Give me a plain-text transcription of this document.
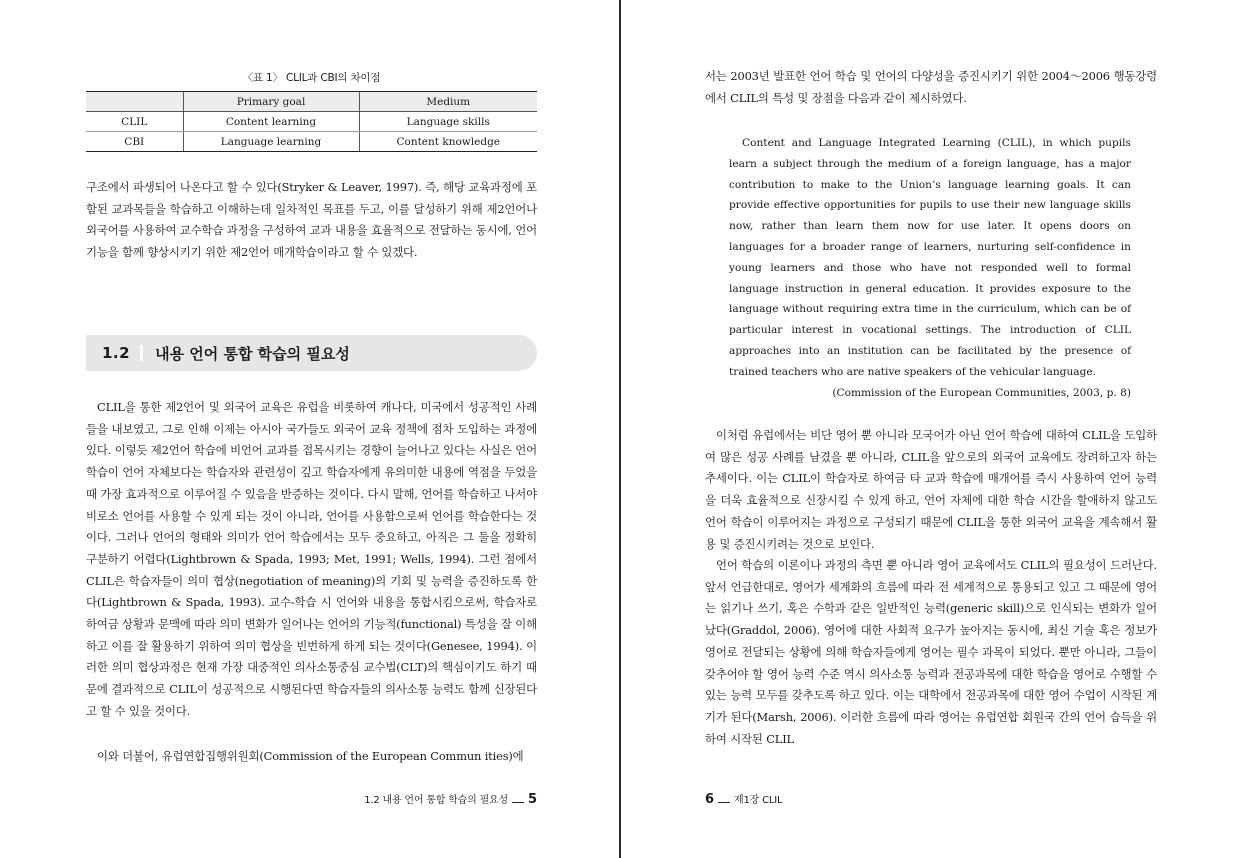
〈표 1〉 CLIL과 CBI의 차이점
	Primary goal	Medium
CLIL	Content learning	Language skills
CBI	Language learning	Content knowledge

구조에서 파생되어 나온다고 할 수 있다(Stryker & Leaver, 1997). 즉, 해당 교육과정에 포함된 교과목들을 학습하고 이해하는데 일차적인 목표를 두고, 이를 달성하기 위해 제2언어나 외국어를 사용하여 교수학습 과정을 구성하여 교과 내용을 효율적으로 전달하는 동시에, 언어 기능을 함께 향상시키기 위한 제2언어 매개학습이라고 할 수 있겠다.

1.2 내용 언어 통합 학습의 필요성

CLIL을 통한 제2언어 및 외국어 교육은 유럽을 비롯하여 캐나다, 미국에서 성공적인 사례들을 내보였고, 그로 인해 이제는 아시아 국가들도 외국어 교육 정책에 점차 도입하는 과정에 있다. 이렇듯 제2언어 학습에 비언어 교과를 접목시키는 경향이 늘어나고 있다는 사실은 언어 학습이 언어 자체보다는 학습자와 관련성이 깊고 학습자에게 유의미한 내용에 역점을 두었을 때 가장 효과적으로 이루어질 수 있음을 반증하는 것이다. 다시 말해, 언어를 학습하고 나서야 비로소 언어를 사용할 수 있게 되는 것이 아니라, 언어를 사용함으로써 언어를 학습한다는 것이다. 그러나 언어의 형태와 의미가 언어 학습에서는 모두 중요하고, 아직은 그 둘을 정확히 구분하기 어렵다(Lightbrown & Spada, 1993; Met, 1991; Wells, 1994). 그런 점에서 CLIL은 학습자들이 의미 협상(negotiation of meaning)의 기회 및 능력을 증진하도록 한다(Lightbrown & Spada, 1993). 교수-학습 시 언어와 내용을 통합시킴으로써, 학습자로 하여금 상황과 문맥에 따라 의미 변화가 일어나는 언어의 기능적(functional) 특성을 잘 이해하고 이를 잘 활용하기 위하여 의미 협상을 빈번하게 하게 되는 것이다(Genesee, 1994). 이러한 의미 협상과정은 현재 가장 대중적인 의사소통중심 교수법(CLT)의 핵심이기도 하기 때문에 결과적으로 CLIL이 성공적으로 시행된다면 학습자들의 의사소통 능력도 함께 신장된다고 할 수 있을 것이다.

이와 더불어, 유럽연합집행위원회(Commission of the European Commun ities)에

1.2 내용 언어 통합 학습의 필요성 5

서는 2003년 발표한 언어 학습 및 언어의 다양성을 증진시키기 위한 2004～2006 행동강령에서 CLIL의 특성 및 장점을 다음과 같이 제시하였다.

Content and Language Integrated Learning (CLIL), in which pupils learn a subject through the medium of a foreign language, has a major contribution to make to the Union’s language learning goals. It can provide effective opportunities for pupils to use their new language skills now, rather than learn them now for use later. It opens doors on languages for a broader range of learners, nurturing self-confidence in young learners and those who have not responded well to formal language instruction in general education. It provides exposure to the language without requiring extra time in the curriculum, which can be of particular interest in vocational settings. The introduction of CLIL approaches into an institution can be facilitated by the presence of trained teachers who are native speakers of the vehicular language.

(Commission of the European Communities, 2003, p. 8)

이처럼 유럽에서는 비단 영어 뿐 아니라 모국어가 아닌 언어 학습에 대하여 CLIL을 도입하여 많은 성공 사례를 남겼을 뿐 아니라, CLIL을 앞으로의 외국어 교육에도 장려하고자 하는 추세이다. 이는 CLIL이 학습자로 하여금 타 교과 학습에 매개어를 즉시 사용하여 언어 능력을 더욱 효율적으로 신장시킬 수 있게 하고, 언어 자체에 대한 학습 시간을 할애하지 않고도 언어 학습이 이루어지는 과정으로 구성되기 때문에 CLIL을 통한 외국어 교육을 계속해서 활용 및 증진시키려는 것으로 보인다.

언어 학습의 이론이나 과정의 측면 뿐 아니라 영어 교육에서도 CLIL의 필요성이 드러난다. 앞서 언급한대로, 영어가 세계화의 흐름에 따라 전 세계적으로 통용되고 있고 그 때문에 영어는 읽기나 쓰기, 혹은 수학과 같은 일반적인 능력(generic skill)으로 인식되는 변화가 일어났다(Graddol, 2006). 영어에 대한 사회적 요구가 높아지는 동시에, 최신 기술 혹은 정보가 영어로 전달되는 상황에 의해 학습자들에게 영어는 필수 과목이 되었다. 뿐만 아니라, 그들이 갖추어야 할 영어 능력 수준 역시 의사소통 능력과 전공과목에 대한 학습을 영어로 수행할 수 있는 능력 모두를 갖추도록 하고 있다. 이는 대학에서 전공과목에 대한 영어 수업이 시작된 계기가 된다(Marsh, 2006). 이러한 흐름에 따라 영어는 유럽연합 회원국 간의 언어 습득을 위하여 시작된 CLIL

6 제1장 CLIL
